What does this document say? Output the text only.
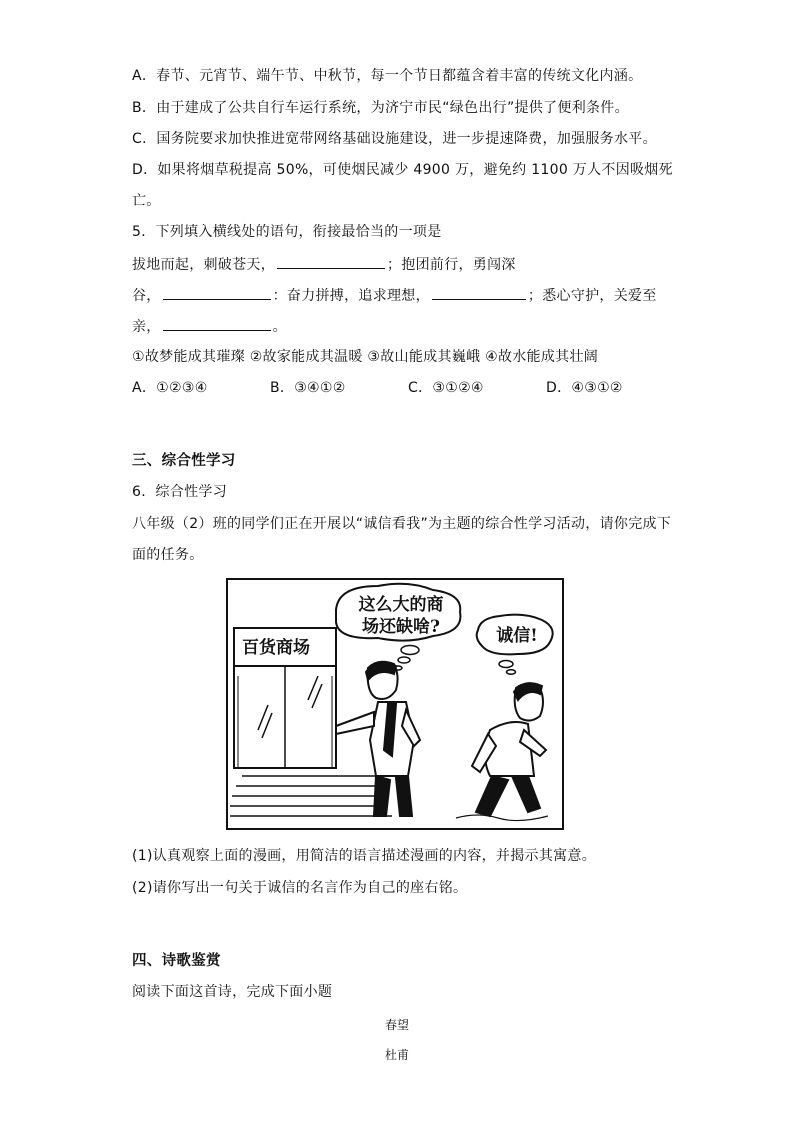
A．春节、元宵节、端午节、中秋节，每一个节日都蕴含着丰富的传统文化内涵。
B．由于建成了公共自行车运行系统，为济宁市民“绿色出行”提供了便利条件。
C．国务院要求加快推进宽带网络基础设施建设，进一步提速降费，加强服务水平。
D．如果将烟草税提高 50%，可使烟民减少 4900 万，避免约 1100 万人不因吸烟死
亡。
5．下列填入横线处的语句，衔接最恰当的一项是
拔地而起，刺破苍天，	；抱团前行，勇闯深
谷，	：奋力拼搏，追求理想，	；悉心守护，关爱至
亲，	。
①故梦能成其璀璨 ②故家能成其温暖 ③故山能成其巍峨 ④故水能成其壮阔
A．①②③④	B．③④①②	C．③①②④	D．④③①②
三、综合性学习
6．综合性学习
八年级（2）班的同学们正在开展以“诚信看我”为主题的综合性学习活动，请你完成下
面的任务。
百货商场
这么大的商
场还缺啥?	诚信!
(1)认真观察上面的漫画，用简洁的语言描述漫画的内容，并揭示其寓意。
(2)请你写出一句关于诚信的名言作为自己的座右铭。
四、诗歌鉴赏
阅读下面这首诗，完成下面小题
春望
杜甫
